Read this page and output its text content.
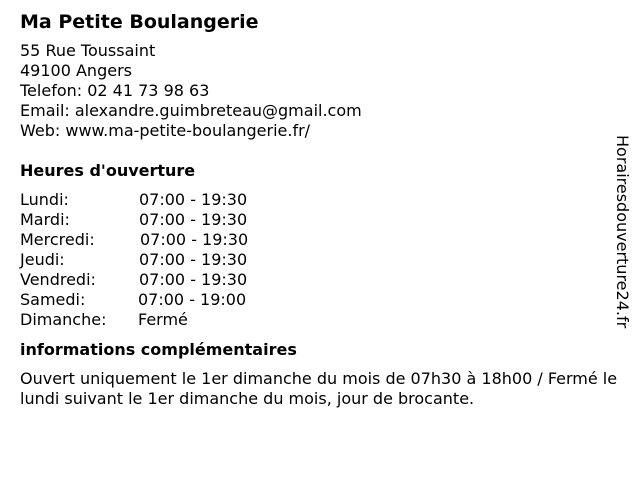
Ma Petite Boulangerie
55 Rue Toussaint
49100 Angers
Telefon: 02 41 73 98 63
Email: alexandre.guimbreteau@gmail.com
Web: www.ma-petite-boulangerie.fr/
Heures d'ouverture
Lundi:	07:00 - 19:30
Mardi:	07:00 - 19:30
Mercredi:	07:00 - 19:30
Jeudi:	07:00 - 19:30
Vendredi:	07:00 - 19:30
Samedi:	07:00 - 19:00
Dimanche: Fermé
informations complémentaires
Ouvert uniquement le 1er dimanche du mois de 07h30 à 18h00 / Fermé le lundi suivant le 1er dimanche du mois, jour de brocante.
Horairesdouverture24.fr
